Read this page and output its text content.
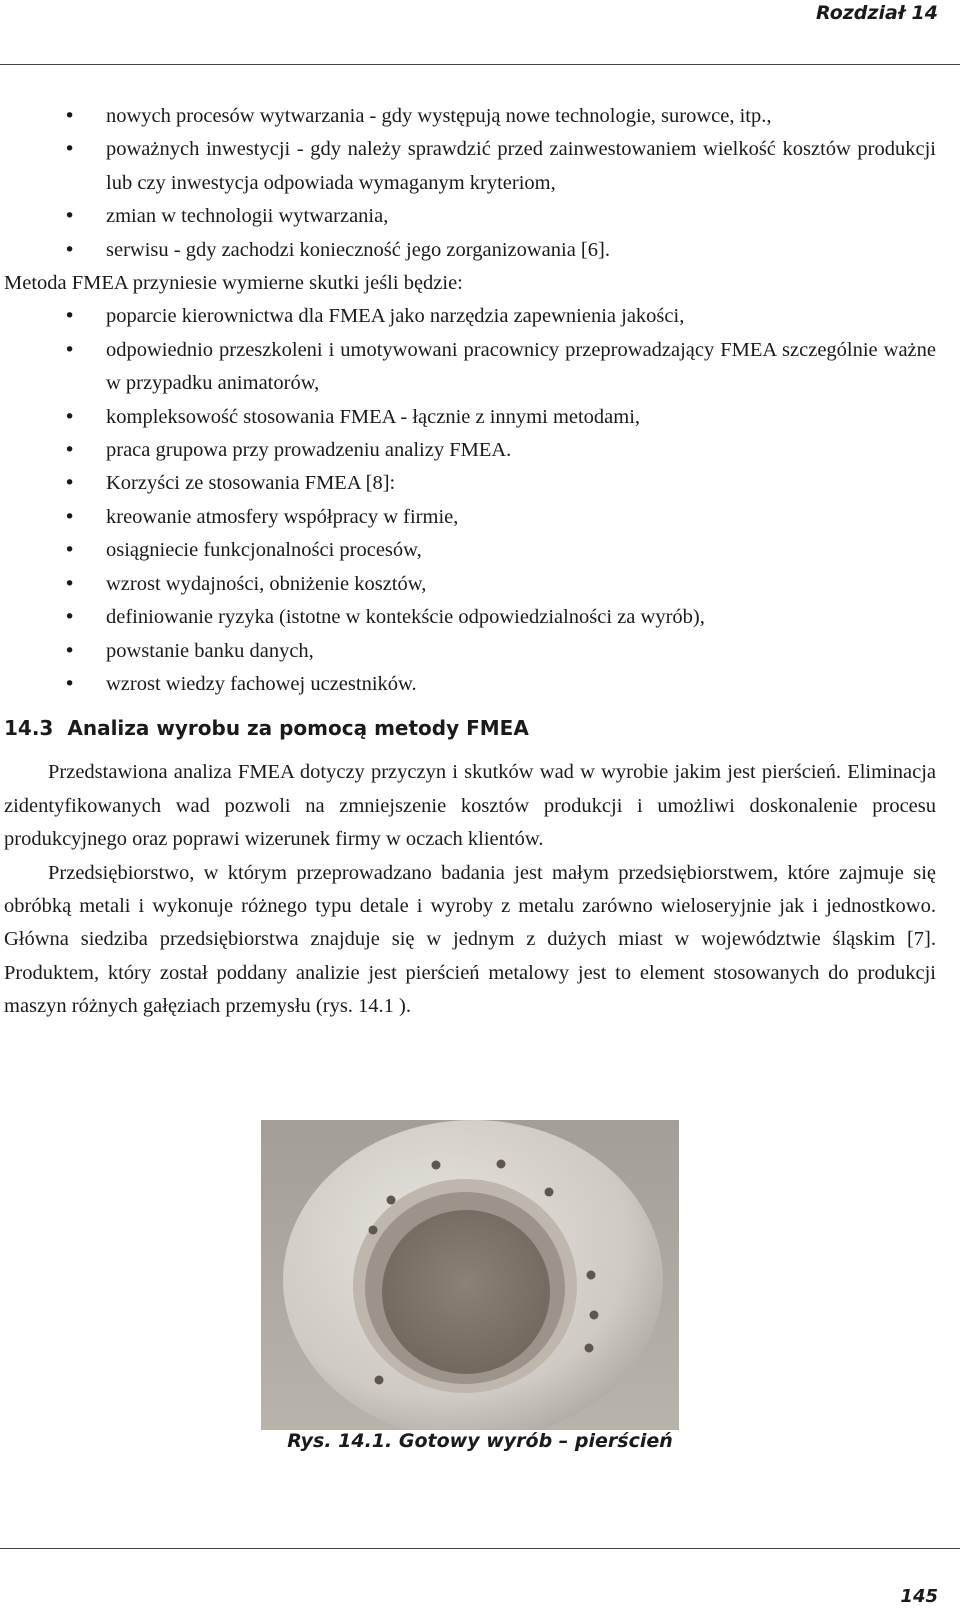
Rozdział 14
• nowych procesów wytwarzania - gdy występują nowe technologie, surowce, itp.,
• poważnych inwestycji - gdy należy sprawdzić przed zainwestowaniem wielkość kosztów produkcji lub czy inwestycja odpowiada wymaganym kryteriom,
• zmian w technologii wytwarzania,
• serwisu - gdy zachodzi konieczność jego zorganizowania [6].

Metoda FMEA przyniesie wymierne skutki jeśli będzie:

• poparcie kierownictwa dla FMEA jako narzędzia zapewnienia jakości,
• odpowiednio przeszkoleni i umotywowani pracownicy przeprowadzający FMEA szczególnie ważne w przypadku animatorów,
• kompleksowość stosowania FMEA - łącznie z innymi metodami,
• praca grupowa przy prowadzeniu analizy FMEA.
• Korzyści ze stosowania FMEA [8]:
• kreowanie atmosfery współpracy w firmie,
• osiągniecie funkcjonalności procesów,
• wzrost wydajności, obniżenie kosztów,
• definiowanie ryzyka (istotne w kontekście odpowiedzialności za wyrób),
• powstanie banku danych,
• wzrost wiedzy fachowej uczestników.
14.3 Analiza wyrobu za pomocą metody FMEA

Przedstawiona analiza FMEA dotyczy przyczyn i skutków wad w wyrobie jakim jest pierścień. Eliminacja zidentyfikowanych wad pozwoli na zmniejszenie kosztów produkcji i umożliwi doskonalenie procesu produkcyjnego oraz poprawi wizerunek firmy w oczach klientów.

Przedsiębiorstwo, w którym przeprowadzano badania jest małym przedsiębiorstwem, które zajmuje się obróbką metali i wykonuje różnego typu detale i wyroby z metalu zarówno wieloseryjnie jak i jednostkowo. Główna siedziba przedsiębiorstwa znajduje się w jednym z dużych miast w województwie śląskim [7]. Produktem, który został poddany analizie jest pierścień metalowy jest to element stosowanych do produkcji maszyn różnych gałęziach przemysłu (rys. 14.1 ).

Rys. 14.1. Gotowy wyrób – pierścień
145
